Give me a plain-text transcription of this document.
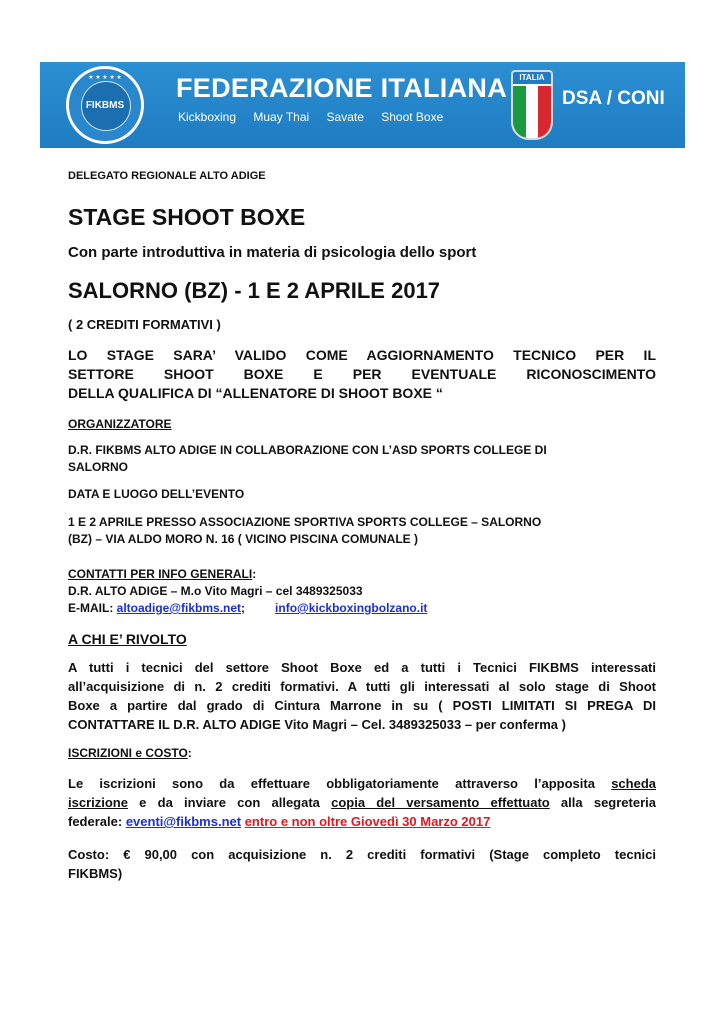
★ ★ ★ ★ ★
FIKBMS
FEDERAZIONE ITALIANA
Kickboxing Muay Thai Savate Shoot Boxe
ITALIA
DSA / CONI

DELEGATO REGIONALE ALTO ADIGE

STAGE SHOOT BOXE

Con parte introduttiva in materia di psicologia dello sport

SALORNO (BZ) - 1 E 2 APRILE 2017

( 2 CREDITI FORMATIVI )

LO STAGE SARA’ VALIDO COME AGGIORNAMENTO TECNICO PER IL

SETTORE SHOOT BOXE E PER EVENTUALE RICONOSCIMENTO

DELLA QUALIFICA DI “ALLENATORE DI SHOOT BOXE “

ORGANIZZATORE

D.R. FIKBMS ALTO ADIGE IN COLLABORAZIONE CON L’ASD SPORTS COLLEGE DI

SALORNO

DATA E LUOGO DELL’EVENTO

1 E 2 APRILE PRESSO ASSOCIAZIONE SPORTIVA SPORTS COLLEGE – SALORNO

(BZ) – VIA ALDO MORO N. 16 ( VICINO PISCINA COMUNALE )

CONTATTI PER INFO GENERALI:

D.R. ALTO ADIGE – M.o Vito Magri – cel 3489325033

E-MAIL: altoadige@fikbms.net;	info@kickboxingbolzano.it

A CHI E’ RIVOLTO

A tutti i tecnici del settore Shoot Boxe ed a tutti i Tecnici FIKBMS interessati

all’acquisizione di n. 2 crediti formativi. A tutti gli interessati al solo stage di Shoot

Boxe a partire dal grado di Cintura Marrone in su ( POSTI LIMITATI SI PREGA DI

CONTATTARE IL D.R. ALTO ADIGE Vito Magri – Cel. 3489325033 – per conferma )

ISCRIZIONI e COSTO:

Le iscrizioni sono da effettuare obbligatoriamente attraverso l’apposita scheda

iscrizione e da inviare con allegata copia del versamento effettuato alla segreteria

federale: eventi@fikbms.net entro e non oltre Giovedì 30 Marzo 2017

Costo: € 90,00 con acquisizione n. 2 crediti formativi (Stage completo tecnici

FIKBMS)
